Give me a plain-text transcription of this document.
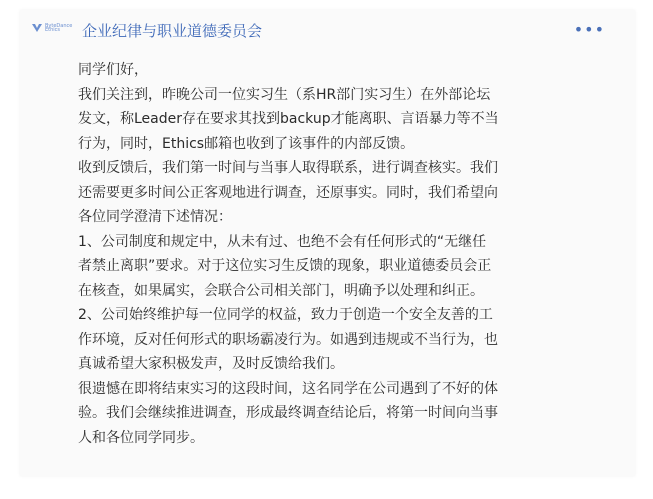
ByteDance Ethics	企业纪律与职业道德委员会	•••

同学们好，

我们关注到，昨晚公司一位实习生（系HR部门实习生）在外部论坛

发文，称Leader存在要求其找到backup才能离职、言语暴力等不当

行为，同时，Ethics邮箱也收到了该事件的内部反馈。

收到反馈后，我们第一时间与当事人取得联系，进行调查核实。我们

还需要更多时间公正客观地进行调查，还原事实。同时，我们希望向

各位同学澄清下述情况：

1、公司制度和规定中，从未有过、也绝不会有任何形式的“无继任

者禁止离职”要求。对于这位实习生反馈的现象，职业道德委员会正

在核查，如果属实，会联合公司相关部门，明确予以处理和纠正。

2、公司始终维护每一位同学的权益，致力于创造一个安全友善的工

作环境，反对任何形式的职场霸凌行为。如遇到违规或不当行为，也

真诚希望大家积极发声，及时反馈给我们。

很遗憾在即将结束实习的这段时间，这名同学在公司遇到了不好的体

验。我们会继续推进调查，形成最终调查结论后，将第一时间向当事

人和各位同学同步。
